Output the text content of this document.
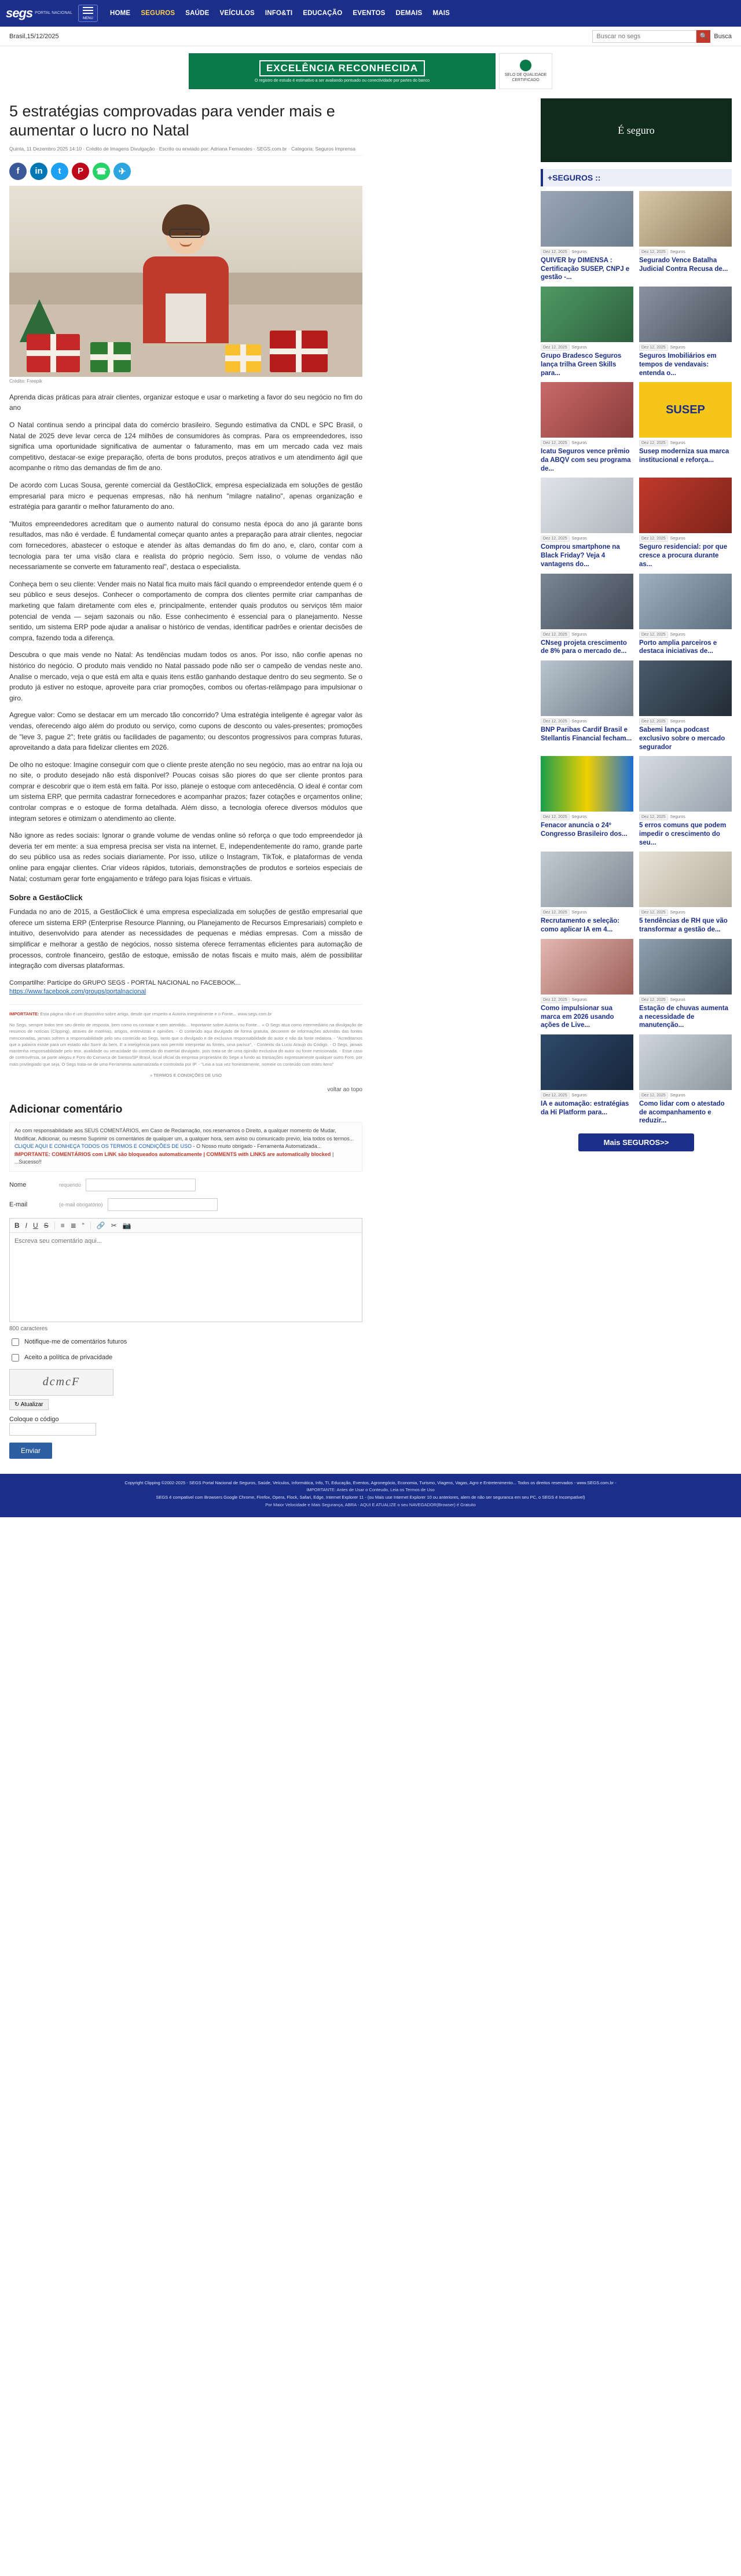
segs PORTAL NACIONAL
MENU
HOME	SEGUROS	SAÚDE	VEÍCULOS	INFO&TI	EDUCAÇÃO	EVENTOS	DEMAIS	MAIS
Brasil,15/12/2025
Buscar no segs	🔍	Busca
EXCELÊNCIA RECONHECIDA
O registro de estudo é estimativo a ser avaliando pontuado ou conectividade por partes do banco
SELO DE QUALIDADE CERTIFICADO
5 estratégias comprovadas para vender mais e aumentar o lucro no Natal
Quinta, 11 Dezembro 2025 14:10 · Crédito de Imagens Divulgação · Escrito ou enviado por: Adriana Fernandes · SEGS.com.br · Categoria: Seguros Imprensa
f	in	t	P	☎	✈
Crédito: Freepik

Aprenda dicas práticas para atrair clientes, organizar estoque e usar o marketing a favor do seu negócio no fim do ano

O Natal continua sendo a principal data do comércio brasileiro. Segundo estimativa da CNDL e SPC Brasil, o Natal de 2025 deve levar cerca de 124 milhões de consumidores às compras. Para os empreendedores, isso significa uma oportunidade significativa de aumentar o faturamento, mas em um mercado cada vez mais competitivo, destacar-se exige preparação, oferta de bons produtos, preços atrativos e um atendimento ágil que acompanhe o ritmo das demandas de fim de ano.

De acordo com Lucas Sousa, gerente comercial da GestãoClick, empresa especializada em soluções de gestão empresarial para micro e pequenas empresas, não há nenhum "milagre natalino", apenas organização e estratégia para garantir o melhor faturamento do ano.

"Muitos empreendedores acreditam que o aumento natural do consumo nesta época do ano já garante bons resultados, mas não é verdade. É fundamental começar quanto antes a preparação para atrair clientes, negociar com fornecedores, abastecer o estoque e atender às altas demandas do fim do ano, e, claro, contar com a tecnologia para ter uma visão clara e realista do próprio negócio. Sem isso, o volume de vendas não necessariamente se converte em faturamento real", destaca o especialista.

Conheça bem o seu cliente: Vender mais no Natal fica muito mais fácil quando o empreendedor entende quem é o seu público e seus desejos. Conhecer o comportamento de compra dos clientes permite criar campanhas de marketing que falam diretamente com eles e, principalmente, entender quais produtos ou serviços têm maior potencial de venda — sejam sazonais ou não. Esse conhecimento é essencial para o planejamento. Nesse sentido, um sistema ERP pode ajudar a analisar o histórico de vendas, identificar padrões e orientar decisões de compra, fazendo toda a diferença.

Descubra o que mais vende no Natal: As tendências mudam todos os anos. Por isso, não confie apenas no histórico do negócio. O produto mais vendido no Natal passado pode não ser o campeão de vendas neste ano. Analise o mercado, veja o que está em alta e quais itens estão ganhando destaque dentro do seu segmento. Se o produto já estiver no estoque, aproveite para criar promoções, combos ou ofertas-relâmpago para impulsionar o giro.

Agregue valor: Como se destacar em um mercado tão concorrido? Uma estratégia inteligente é agregar valor às vendas, oferecendo algo além do produto ou serviço, como cupons de desconto ou vales-presentes; promoções de "leve 3, pague 2"; frete grátis ou facilidades de pagamento; ou descontos progressivos para compras futuras, aproveitando a data para fidelizar clientes em 2026.

De olho no estoque: Imagine conseguir com que o cliente preste atenção no seu negócio, mas ao entrar na loja ou no site, o produto desejado não está disponível? Poucas coisas são piores do que ser cliente prontos para comprar e descobrir que o item está em falta. Por isso, planeje o estoque com antecedência. O ideal é contar com um sistema ERP, que permita cadastrar fornecedores e acompanhar prazos; fazer cotações e orçamentos online; controlar compras e o estoque de forma detalhada. Além disso, a tecnologia oferece diversos módulos que integram setores e otimizam o atendimento ao cliente.

Não ignore as redes sociais: Ignorar o grande volume de vendas online só reforça o que todo empreendedor já deveria ter em mente: a sua empresa precisa ser vista na internet. E, independentemente do ramo, grande parte do seu público usa as redes sociais diariamente. Por isso, utilize o Instagram, TikTok, e plataformas de venda online para engajar clientes. Criar vídeos rápidos, tutoriais, demonstrações de produtos e sorteios especiais de Natal; costumam gerar forte engajamento e tráfego para lojas físicas e virtuais.

Sobre a GestãoClick

Fundada no ano de 2015, a GestãoClick é uma empresa especializada em soluções de gestão empresarial que oferece um sistema ERP (Enterprise Resource Planning, ou Planejamento de Recursos Empresariais) completo e intuitivo, desenvolvido para atender as necessidades de pequenas e médias empresas. Com a missão de simplificar e melhorar a gestão de negócios, nosso sistema oferece ferramentas eficientes para automação de processos, controle financeiro, gestão de estoque, emissão de notas fiscais e muito mais, além de possibilitar integração com diversas plataformas.

Compartilhe: Participe do GRUPO SEGS - PORTAL NACIONAL no FACEBOOK...
https://www.facebook.com/groups/portalnacional
IMPORTANTE: Esta página não é um dispositivo sobre artigo, desde que respeito a Autoria integralmente e o Fonte... www.segs.com.br

No Segs, sempre todos tem seu direito de resposta, bem como os contatar e sem atendido... Importante sobre Autoria ou Fonte... » O Segs atua como intermediário na divulgação de resumos de notícias (Clipping), atraves de matérias, artigos, entrevistas e opiniões. - O conteúdo aqui divulgado de forma gratuita, decorrem de informações advindas das fontes mencionadas, jamais sofrem a responsabilidade pelo seu conteúdo ao Segs, tanto que o divulgado e de exclusiva responsabilidade do autor e não da fonte redatora. - "Acreditamos que a palavra existe para um estado não Sorrir do bem. E a inteligência para nos permitir interpretar as fontes, uma parisur", - Contexto da Lucio Araujo do Código. - O Segs, jamais mantenha responsabilidade pelo teor, avalidade ou veracidade do conteúdo do material divulgado, pois trata-se de uma opinião exclusiva do autor ou fonte mencionada. - Esse caso de controvérsia, se parte alegou e Foro do Comarca de Santos/SP Brasil, local oficial da empresa proprietária do Sege a fundo as transações expressamente qualquer outro Foro, por mais privilegiado que seja. O Segs trata-se de uma Ferramenta automatizada e controlada por IP. - "Leia a sua vez honestamente, nomeie os conteúdo com estes itens"

» TERMOS E CONDIÇÕES DE USO
voltar ao topo
Adicionar comentário
Ao com responsabilidade aos SEUS COMENTÁRIOS, em Caso de Reclamação, nos reservamos o Direito, a qualquer momento de Mudar, Modificar, Adicionar, ou mesmo Suprimir os comentários de qualquer um, a qualquer hora, sem aviso ou comunicado previo, leia todos os termos... CLIQUE AQUI E CONHEÇA TODOS OS TERMOS E CONDIÇÕES DE USO - O Nosso muito obrigado - Ferramenta Automatizada... IMPORTANTE: COMENTÁRIOS com LINK são bloqueados automaticamente | COMMENTS with LINKS are automatically blocked | ...Sucesso!!
Nome	requerido
E-mail	(e-mail obrigatório)
B I U S ≡ ≣ “ 🔗 ✂ 📷
Escreva seu comentário aqui...
800 caracteres
Notifique-me de comentários futuros
Aceito a política de privacidade
dcmcF
↻ Atualizar
Coloque o código

Enviar
É seguro
+SEGUROS ::
Dez 12, 2025	Seguros

QUIVER by DIMENSA : Certificação SUSEP, CNPJ e gestão -...

Dez 12, 2025	Seguros

Segurado Vence Batalha Judicial Contra Recusa de...

Dez 12, 2025	Seguros

Grupo Bradesco Seguros lança trilha Green Skills para...

Dez 12, 2025	Seguros

Seguros Imobiliários em tempos de vendavais: entenda o...

Dez 12, 2025	Seguros

Icatu Seguros vence prêmio da ABQV com seu programa de...

SUSEP
Dez 12, 2025	Seguros

Susep moderniza sua marca institucional e reforça...

Dez 12, 2025	Seguros

Comprou smartphone na Black Friday? Veja 4 vantagens do...

Dez 12, 2025	Seguros

Seguro residencial: por que cresce a procura durante as...

Dez 12, 2025	Seguros

CNseg projeta crescimento de 8% para o mercado de...

Dez 12, 2025	Seguros

Porto amplia parceiros e destaca iniciativas de...

Dez 12, 2025	Seguros

BNP Paribas Cardif Brasil e Stellantis Financial fecham...

Dez 12, 2025	Seguros

Sabemi lança podcast exclusivo sobre o mercado segurador

Dez 12, 2025	Seguros

Fenacor anuncia o 24º Congresso Brasileiro dos...

Dez 12, 2025	Seguros

5 erros comuns que podem impedir o crescimento do seu...

Dez 12, 2025	Seguros

Recrutamento e seleção: como aplicar IA em 4...

Dez 12, 2025	Seguros

5 tendências de RH que vão transformar a gestão de...

Dez 12, 2025	Seguros

Como impulsionar sua marca em 2026 usando ações de Live...

Dez 12, 2025	Seguros

Estação de chuvas aumenta a necessidade de manutenção...

Dez 12, 2025	Seguros

IA e automação: estratégias da Hi Platform para...

Dez 12, 2025	Seguros

Como lidar com o atestado de acompanhamento e reduzir...

Mais SEGUROS>>
Copyright Clipping ©2002-2025 - SEGS Portal Nacional de Seguros, Saúde, Veículos, Informática, Info, TI, Educação, Eventos, Agronegócio, Economia, Turismo, Viagens, Vagas, Agro e Entretenimento... Todos os direitos reservados - www.SEGS.com.br -
IMPORTANTE: Antes de Usar o Conteudo, Leia os Termos de Uso
SEGS é compativel com Browsers Google Chrome, Firefox, Opera, Flock, Safari, Edge, Internet Explorer 11 - (ou Mais use Internet Explorer 10 ou anteriores, alem de não ser seguranca em seu PC, o SEGS é Incompatível)
Por Maior Velocidade e Mais Segurança, ABRA - AQUI E ATUALIZE o seu NAVEGADOR(Browser) é Gratuito
